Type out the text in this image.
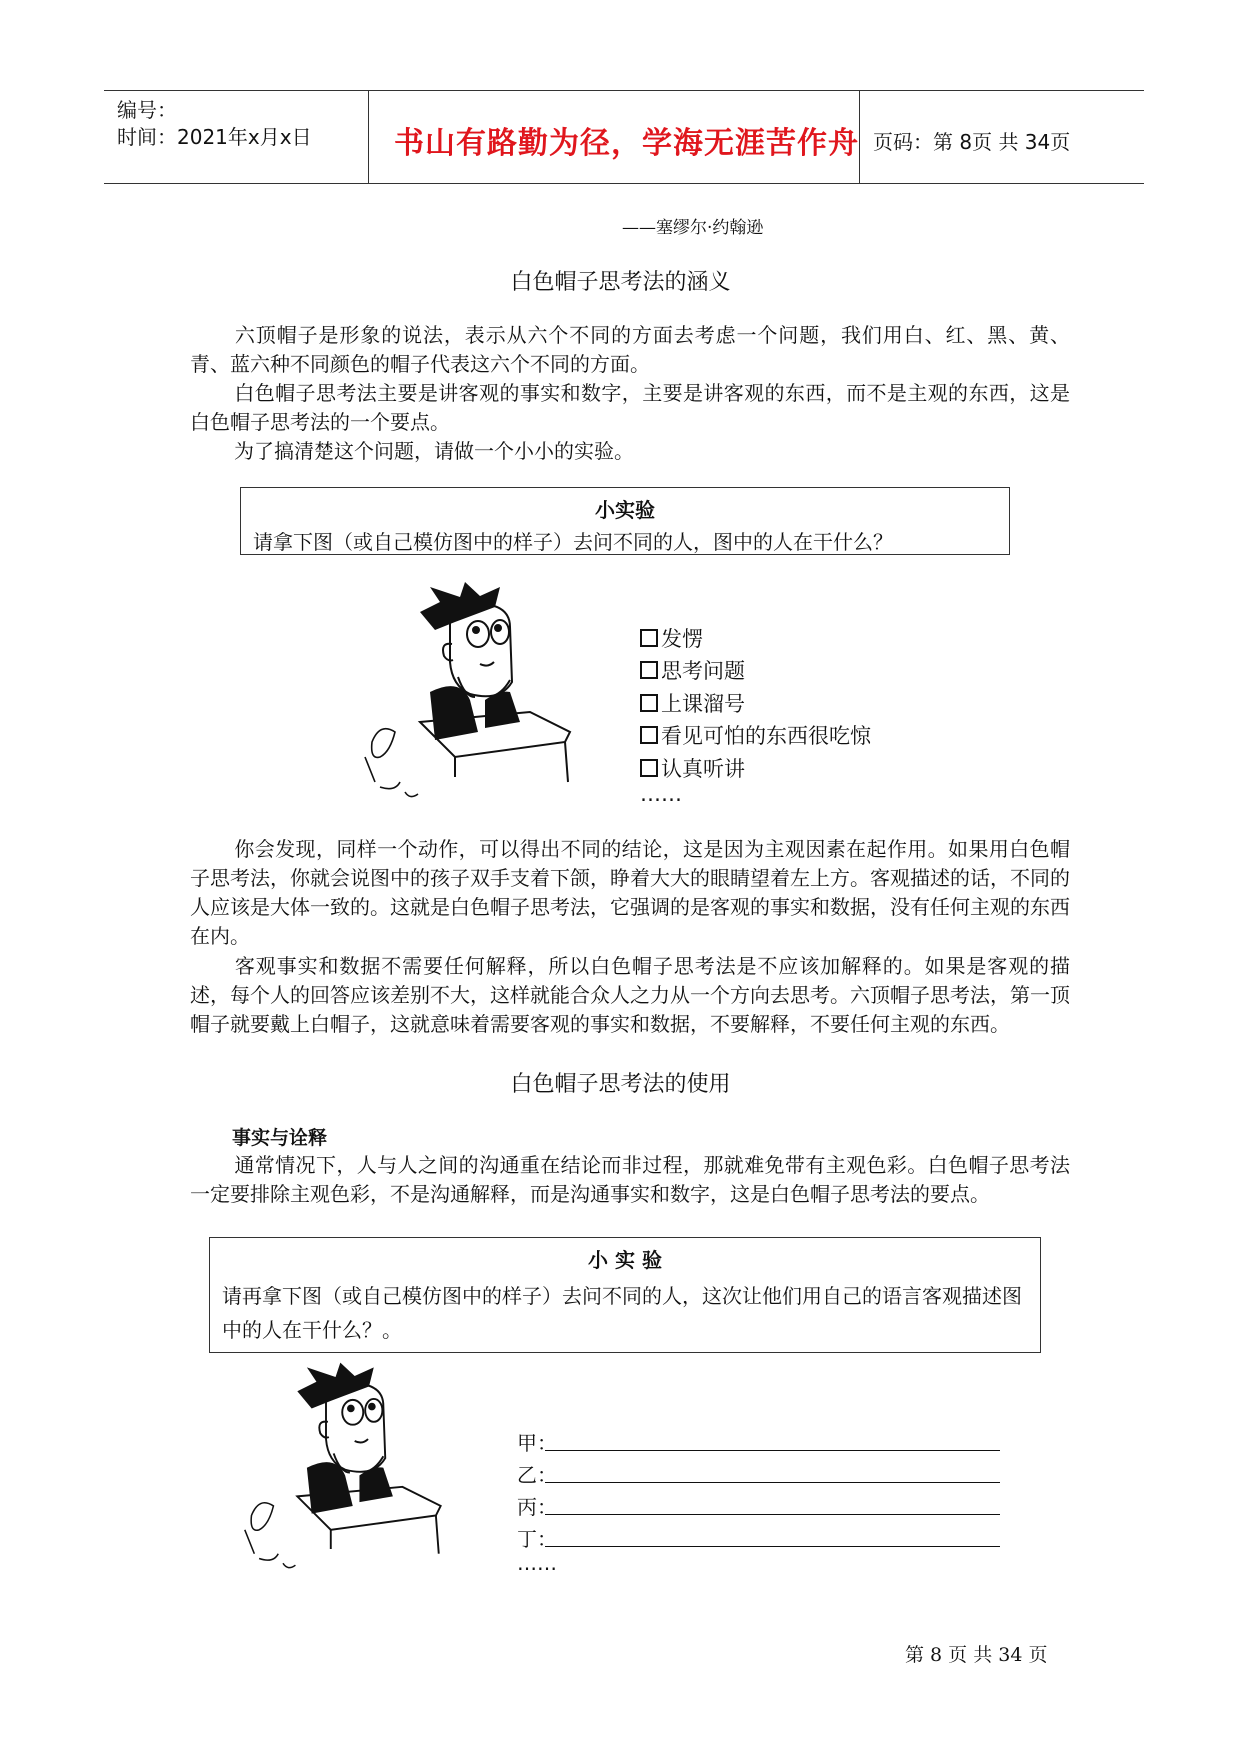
编号：
时间：2021年x月x日	书山有路勤为径，学海无涯苦作舟 页码：第 8页 共 34页
——塞缪尔·约翰逊
白色帽子思考法的涵义
六顶帽子是形象的说法，表示从六个不同的方面去考虑一个问题，我们用白、红、黑、黄、青、蓝六种不同颜色的帽子代表这六个不同的方面。
白色帽子思考法主要是讲客观的事实和数字，主要是讲客观的东西，而不是主观的东西，这是白色帽子思考法的一个要点。
为了搞清楚这个问题，请做一个小小的实验。
小实验
请拿下图（或自己模仿图中的样子）去问不同的人，图中的人在干什么？
发愣
思考问题
上课溜号
看见可怕的东西很吃惊
认真听讲
……
你会发现，同样一个动作，可以得出不同的结论，这是因为主观因素在起作用。如果用白色帽子思考法，你就会说图中的孩子双手支着下颌，睁着大大的眼睛望着左上方。客观描述的话，不同的人应该是大体一致的。这就是白色帽子思考法，它强调的是客观的事实和数据，没有任何主观的东西在内。
客观事实和数据不需要任何解释，所以白色帽子思考法是不应该加解释的。如果是客观的描述，每个人的回答应该差别不大，这样就能合众人之力从一个方向去思考。六顶帽子思考法，第一顶帽子就要戴上白帽子，这就意味着需要客观的事实和数据，不要解释，不要任何主观的东西。
白色帽子思考法的使用
事实与诠释
通常情况下，人与人之间的沟通重在结论而非过程，那就难免带有主观色彩。白色帽子思考法一定要排除主观色彩，不是沟通解释，而是沟通事实和数字，这是白色帽子思考法的要点。
小 实 验
请再拿下图（或自己模仿图中的样子）去问不同的人，这次让他们用自己的语言客观描述图中的人在干什么？。
甲：
乙：
丙：
丁：
……
第 8 页 共 34 页
